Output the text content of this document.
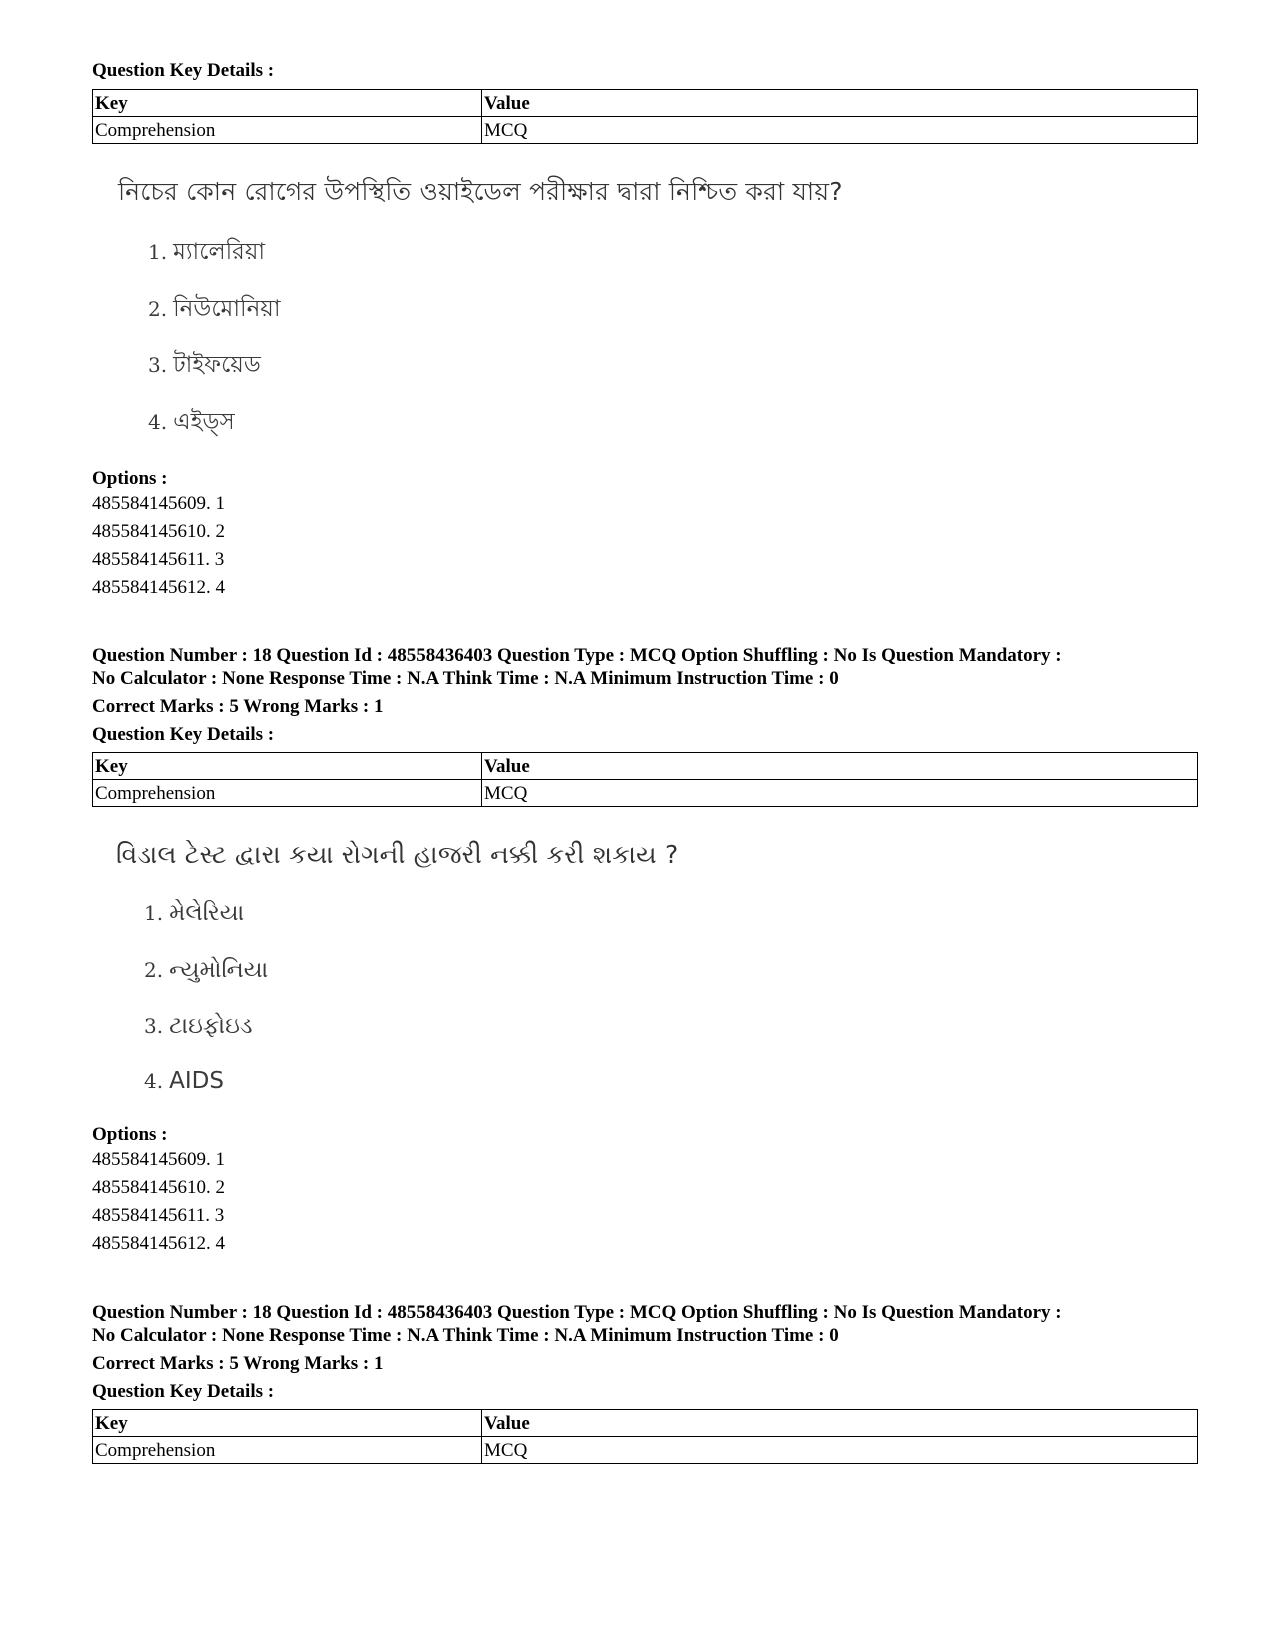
Question Key Details :
Key	Value
Comprehension	MCQ
নিচের কোন রোগের উপস্থিতি ওয়াইডেল পরীক্ষার দ্বারা নিশ্চিত করা যায়?
1. ম্যালেরিয়া
2. নিউমোনিয়া
3. টাইফয়েড
4. এইড্স
Options :
485584145609. 1
485584145610. 2
485584145611. 3
485584145612. 4
Question Number : 18 Question Id : 48558436403 Question Type : MCQ Option Shuffling : No Is Question Mandatory :
No Calculator : None Response Time : N.A Think Time : N.A Minimum Instruction Time : 0
Correct Marks : 5 Wrong Marks : 1
Question Key Details :
Key	Value
Comprehension	MCQ
વિડાલ ટેસ્ટ દ્વારા કયા રોગની હાજરી નક્કી કરી શકાય ?
1. મેલેરિયા
2. ન્યુમોનિયા
3. ટાઇફોઇડ
4. AIDS
Options :
485584145609. 1
485584145610. 2
485584145611. 3
485584145612. 4
Question Number : 18 Question Id : 48558436403 Question Type : MCQ Option Shuffling : No Is Question Mandatory :
No Calculator : None Response Time : N.A Think Time : N.A Minimum Instruction Time : 0
Correct Marks : 5 Wrong Marks : 1
Question Key Details :
Key	Value
Comprehension	MCQ
